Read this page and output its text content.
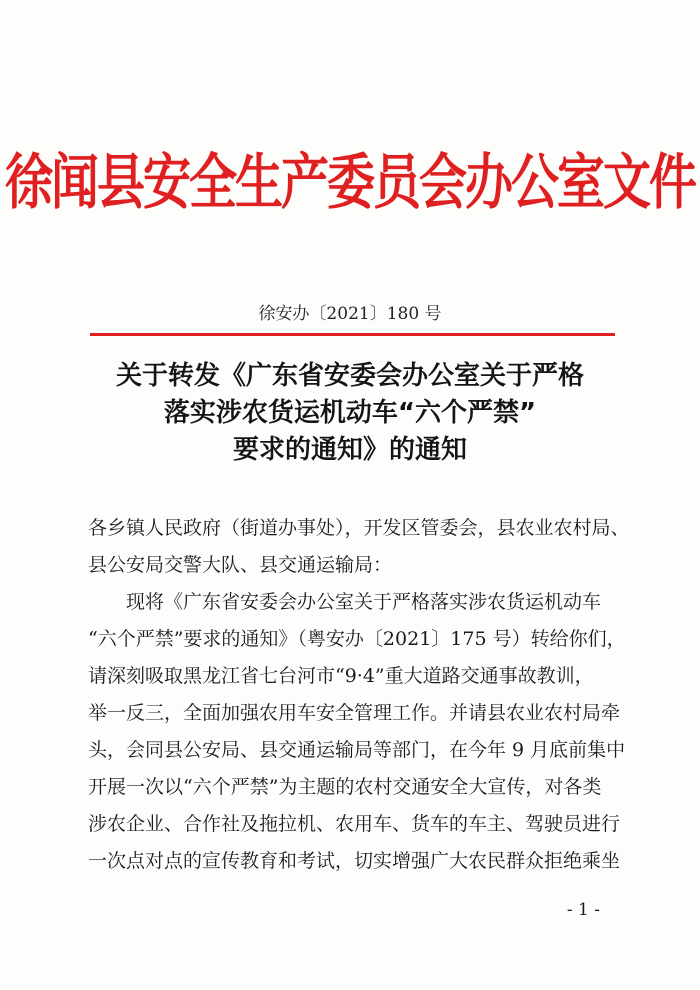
徐闻县安全生产委员会办公室文件
徐安办〔2021〕180 号
关于转发《广东省安委会办公室关于严格
落实涉农货运机动车“六个严禁”
要求的通知》的通知

各乡镇人民政府（街道办事处），开发区管委会，县农业农村局、

县公安局交警大队、县交通运输局：

　　现将《广东省安委会办公室关于严格落实涉农货运机动车

“六个严禁”要求的通知》（粤安办〔2021〕175 号）转给你们，

请深刻吸取黑龙江省七台河市“9·4”重大道路交通事故教训，

举一反三，全面加强农用车安全管理工作。并请县农业农村局牵

头，会同县公安局、县交通运输局等部门，在今年 9 月底前集中

开展一次以“六个严禁”为主题的农村交通安全大宣传，对各类

涉农企业、合作社及拖拉机、农用车、货车的车主、驾驶员进行

一次点对点的宣传教育和考试，切实增强广大农民群众拒绝乘坐

- 1 -
